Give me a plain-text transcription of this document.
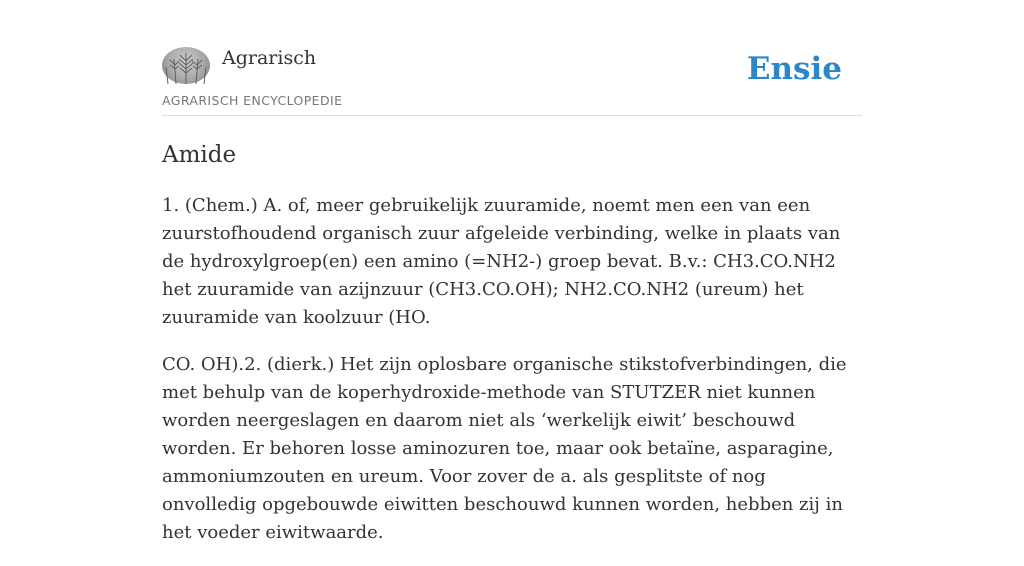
Agrarisch
AGRARISCH ENCYCLOPEDIE
Ensie
Amide

1. (Chem.) A. of, meer gebruikelijk zuuramide, noemt men een van een zuurstofhoudend organisch zuur afgeleide verbinding, welke in plaats van de hydroxylgroep(en) een amino (=NH2-) groep bevat. B.v.: CH3.CO.NH2 het zuuramide van azijnzuur (CH3.CO.OH); NH2.CO.NH2 (ureum) het zuuramide van koolzuur (HO.

CO. OH).2. (dierk.) Het zijn oplosbare organische stikstofverbindingen, die met behulp van de koperhydroxide-methode van STUTZER niet kunnen worden neergeslagen en daarom niet als ‘werkelijk eiwit’ beschouwd worden. Er behoren losse aminozuren toe, maar ook betaïne, asparagine, ammoniumzouten en ureum. Voor zover de a. als gesplitste of nog onvolledig opgebouwde eiwitten beschouwd kunnen worden, hebben zij in het voeder eiwitwaarde.
